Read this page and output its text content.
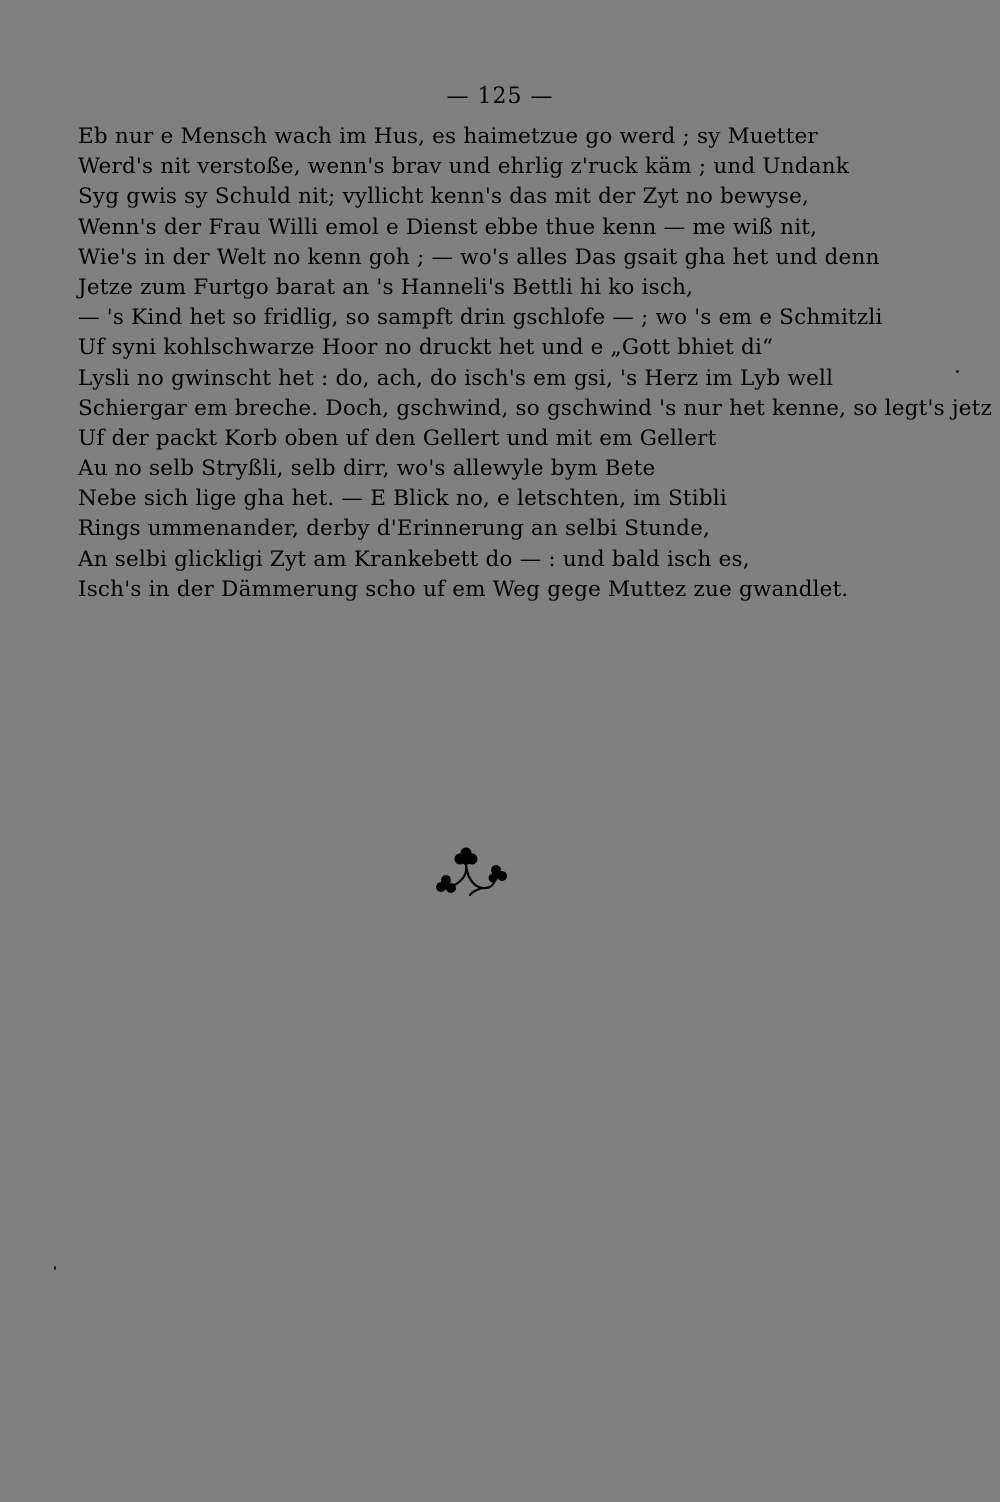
— 125 —
Eb nur e Mensch wach im Hus, es haimetzue go werd ; sy Muetter
Werd's nit verstoße, wenn's brav und ehrlig z'ruck käm ; und Undank
Syg gwis sy Schuld nit; vyllicht kenn's das mit der Zyt no bewyse,
Wenn's der Frau Willi emol e Dienst ebbe thue kenn — me wiß nit,
Wie's in der Welt no kenn goh ; — wo's alles Das gsait gha het und denn
Jetze zum Furtgo barat an 's Hanneli's Bettli hi ko isch,
— 's Kind het so fridlig, so sampft drin gschlofe — ; wo 's em e Schmitzli
Uf syni kohlschwarze Hoor no druckt het und e „Gott bhiet di“
Lysli no gwinscht het : do, ach, do isch's em gsi, 's Herz im Lyb well
Schiergar em breche. Doch, gschwind, so gschwind 's nur het kenne, so legt's jetz
Uf der packt Korb oben uf den Gellert und mit em Gellert
Au no selb Stryßli, selb dirr, wo's allewyle bym Bete
Nebe sich lige gha het. — E Blick no, e letschten, im Stibli
Rings ummenander, derby d'Erinnerung an selbi Stunde,
An selbi glickligi Zyt am Krankebett do — : und bald isch es,
Isch's in der Dämmerung scho uf em Weg gege Muttez zue gwandlet.
